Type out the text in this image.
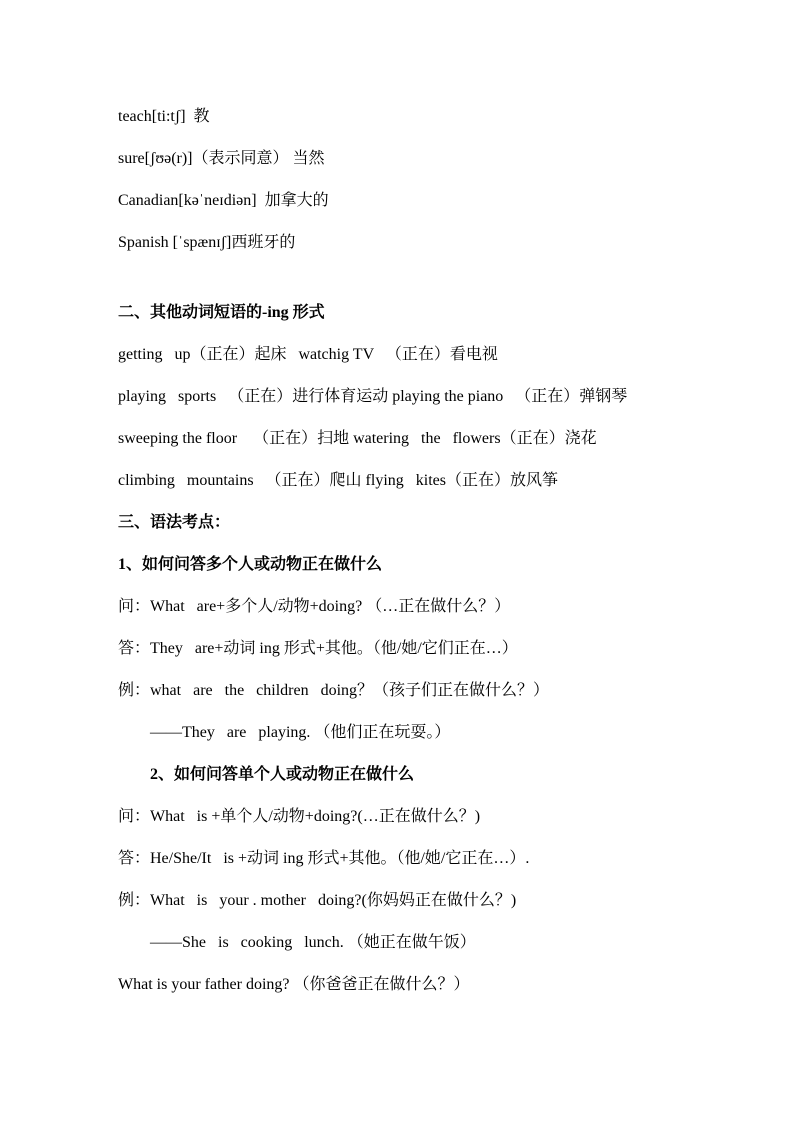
teach[ti:tʃ]  教

sure[ʃʊə(r)]（表示同意） 当然

Canadian[kəˈneɪdiən]  加拿大的

Spanish [ˈspænɪʃ]西班牙的

二、其他动词短语的-ing 形式

getting   up（正在）起床   watchig TV   （正在）看电视

playing   sports   （正在）进行体育运动 playing the piano   （正在）弹钢琴

sweeping the floor    （正在）扫地 watering   the   flowers（正在）浇花

climbing   mountains   （正在）爬山 flying   kites（正在）放风筝

三、语法考点：
1、如何问答多个人或动物正在做什么

问：What   are+多个人/动物+doing? （…正在做什么？）

答：They   are+动词 ing 形式+其他。（他/她/它们正在…）

例：what   are   the   children   doing？（孩子们正在做什么？）

——They   are   playing. （他们正在玩耍。）

2、如何问答单个人或动物正在做什么

问：What   is +单个人/动物+doing?(…正在做什么？)

答：He/She/It   is +动词 ing 形式+其他。（他/她/它正在…）.

例：What   is   your . mother   doing?(你妈妈正在做什么？)

——She   is   cooking   lunch. （她正在做午饭）

What is your father doing? （你爸爸正在做什么？）
